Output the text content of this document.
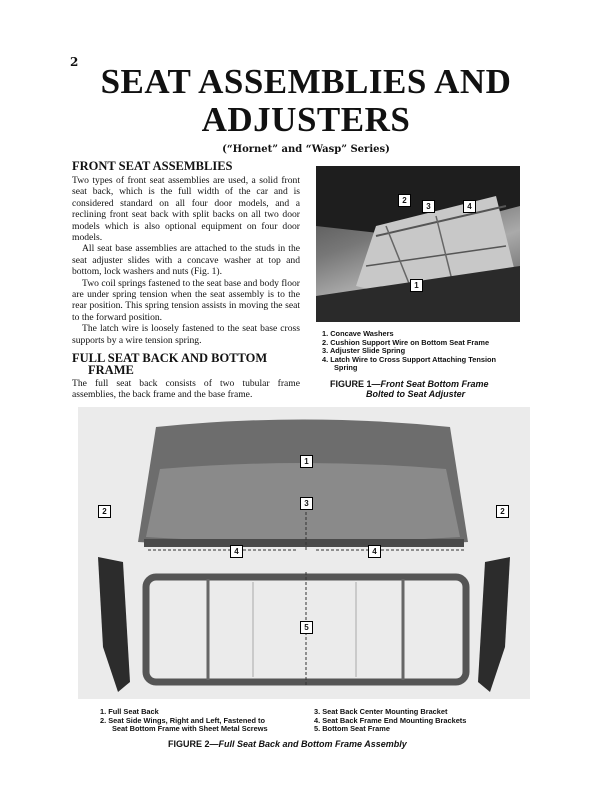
2 SEAT ASSEMBLIES AND
ADJUSTERS
(“Hornet” and “Wasp” Series)
FRONT SEAT ASSEMBLIES

Two types of front seat assemblies are used, a solid front seat back, which is the full width of the car and is considered standard on all four door models, and a reclining front seat back with split backs on all two door models which is also optional equipment on four door models.

All seat base assemblies are attached to the studs in the seat adjuster slides with a concave washer at top and bottom, lock washers and nuts (Fig. 1).

Two coil springs fastened to the seat base and body floor are under spring tension when the seat assembly is to the rear position. This spring tension assists in moving the seat to the forward position.

The latch wire is loosely fastened to the seat base cross supports by a wire tension spring.

FULL SEAT BACK AND BOTTOM
FRAME

The full seat back consists of two tubular frame assemblies, the back frame and the base frame.

2
3	4
1
1. Concave Washers
2. Cushion Support Wire on Bottom Seat Frame
3. Adjuster Slide Spring
4. Latch Wire to Cross Support Attaching Tension
Spring
FIGURE 1—Front Seat Bottom Frame
Bolted to Seat Adjuster
1
2
3
4	4
2
5
1. Full Seat Back
2. Seat Side Wings, Right and Left, Fastened to
Seat Bottom Frame with Sheet Metal Screws
3. Seat Back Center Mounting Bracket
4. Seat Back Frame End Mounting Brackets
5. Bottom Seat Frame
FIGURE 2—Full Seat Back and Bottom Frame Assembly
